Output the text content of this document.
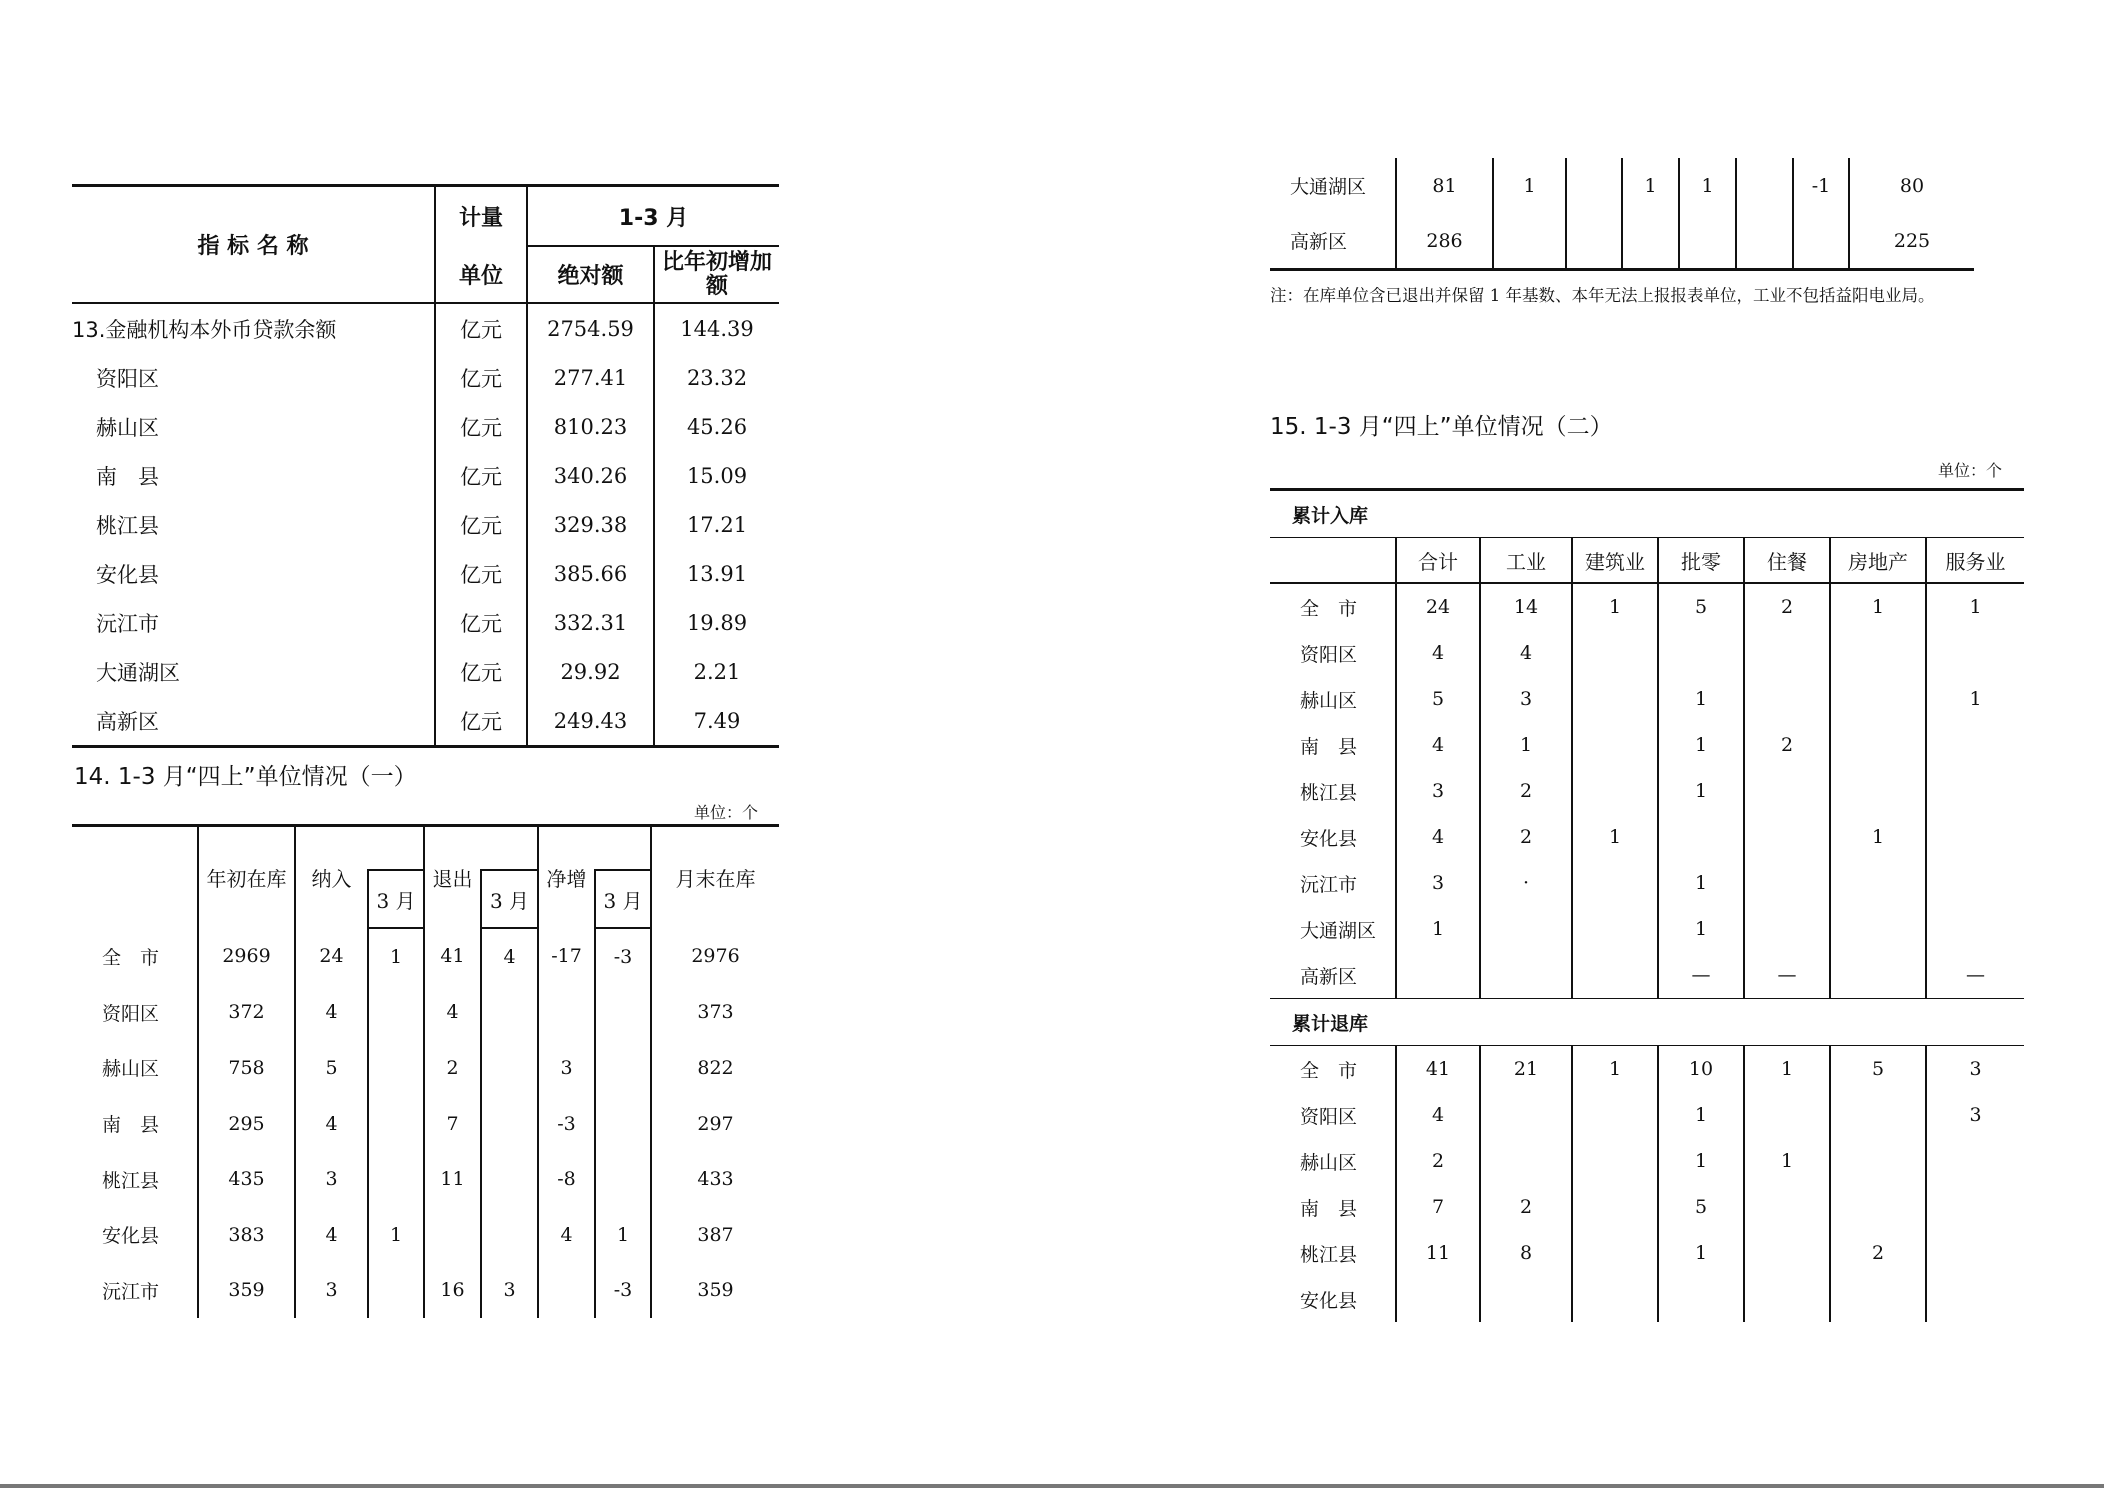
指 标 名 称	计量	1-3 月	
	单位	绝对额	比年初增加额
13.金融机构本外币贷款余额	亿元	2754.59	144.39
资阳区	亿元	277.41	23.32
赫山区	亿元	810.23	45.26
南　县	亿元	340.26	15.09
桃江县	亿元	329.38	17.21
安化县	亿元	385.66	13.91
沅江市	亿元	332.31	19.89
大通湖区	亿元	29.92	2.21
高新区	亿元	249.43	7.49
14. 1-3 月“四上”单位情况（一）
单位：个
	年初在库	纳入		退出		净增		月末在库
			3 月		3 月		3 月	
全　市	2969	24	1	41	4	-17	-3	2976
资阳区	372	4		4				373
赫山区	758	5		2		3		822
南　县	295	4		7		-3		297
桃江县	435	3		11		-8		433
安化县	383	4	1			4	1	387
沅江市	359	3		16	3		-3	359
大通湖区	81	1		1	1		-1	80
高新区	286							225
注：在库单位含已退出并保留 1 年基数、本年无法上报报表单位，工业不包括益阳电业局。
15. 1-3 月“四上”单位情况（二）
单位：个
累计入库							
	合计	工业	建筑业	批零	住餐	房地产	服务业
全　市	24	14	1	5	2	1	1
资阳区	4	4					
赫山区	5	3		1			1
南　县	4	1		1	2		
桃江县	3	2		1			
安化县	4	2	1			1	
沅江市	3	·		1			
大通湖区	1			1			
高新区				—	—		—
累计退库							
全　市	41	21	1	10	1	5	3
资阳区	4			1			3
赫山区	2			1	1		
南　县	7	2		5			
桃江县	11	8		1		2	
安化县							
